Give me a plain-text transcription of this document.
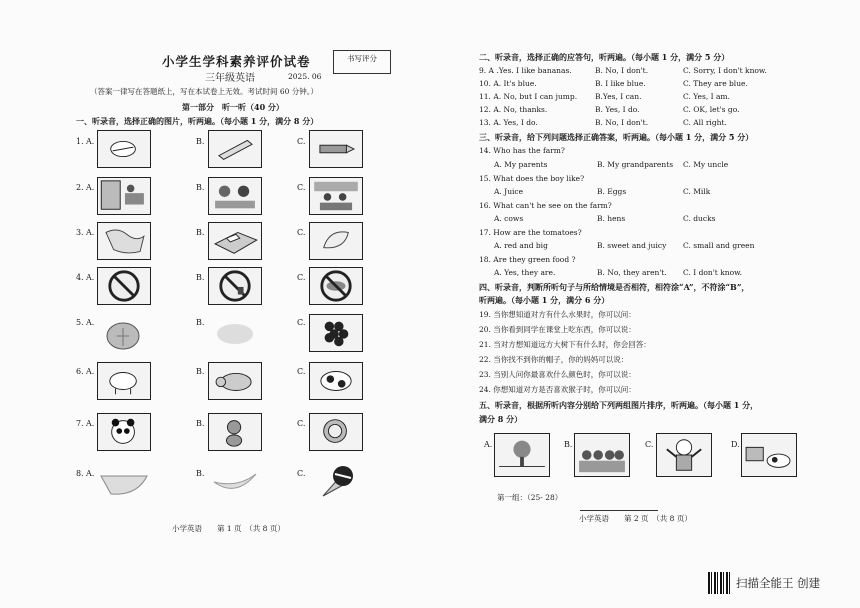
小学生学科素养评价试卷
三年级英语	2025. 06
书写评分
（答案一律写在答题纸上，写在本试卷上无效。考试时间 60 分钟。）
第一部分　听一听（40 分）
一、听录音，选择正确的图片，听两遍。（每小题 1 分，满分 8 分）
1. A.	B.	C.
2. A.	B.	C.
3. A.	B.	C.
4. A.	B.	C.
5. A.	B.	C.
6. A.	B.	C.
7. A.	B.	C.
8. A.	B.	C.
小学英语　　第 1 页　（共 8 页）
二、听录音，选择正确的应答句，听两遍。（每小题 1 分，满分 5 分）
9. A .Yes. I like bananas.	B. No, I don't.	C. Sorry, I don't know.
10. A. It's blue.	B. I like blue.	C. They are blue.
11. A. No, but I can jump. B.Yes, I can.	C. Yes, I am.
12. A. No, thanks.	B. Yes, I do.	C. OK, let's go.
13. A. Yes, I do.	B. No, I don't.	C. All right.
三、听录音，给下列问题选择正确答案，听两遍。（每小题 1 分，满分 5 分）
14. Who has the farm?
A. My parents	B. My grandparents C. My uncle
15. What does the boy like?
A. Juice	B. Eggs	C. Milk
16. What can't he see on the farm?
A. cows	B. hens	C. ducks
17. How are the tomatoes?
A. red and big	B. sweet and juicy C. small and green
18. Are they green food ?
A. Yes, they are.	B. No, they aren't. C. I don't know.
四、听录音，判断所听句子与所给情境是否相符，相符涂“A”，不符涂“B”，
听两遍。（每小题 1 分，满分 6 分）
19. 当你想知道对方有什么水果时，你可以问：
20. 当你看到同学在课堂上吃东西，你可以说：
21. 当对方想知道远方大树下有什么时，你会回答：
22. 当你找不到你的帽子，你的妈妈可以说：
23. 当别人问你最喜欢什么颜色时，你可以说：
24. 你想知道对方是否喜欢猴子时，你可以问：
五、听录音，根据所听内容分别给下列两组图片排序，听两遍。（每小题 1 分，
满分 8 分）
A.	B.	C.	D.
第一组：（25- 28）
小学英语　　第 2 页　（共 8 页）
扫描全能王 创建
